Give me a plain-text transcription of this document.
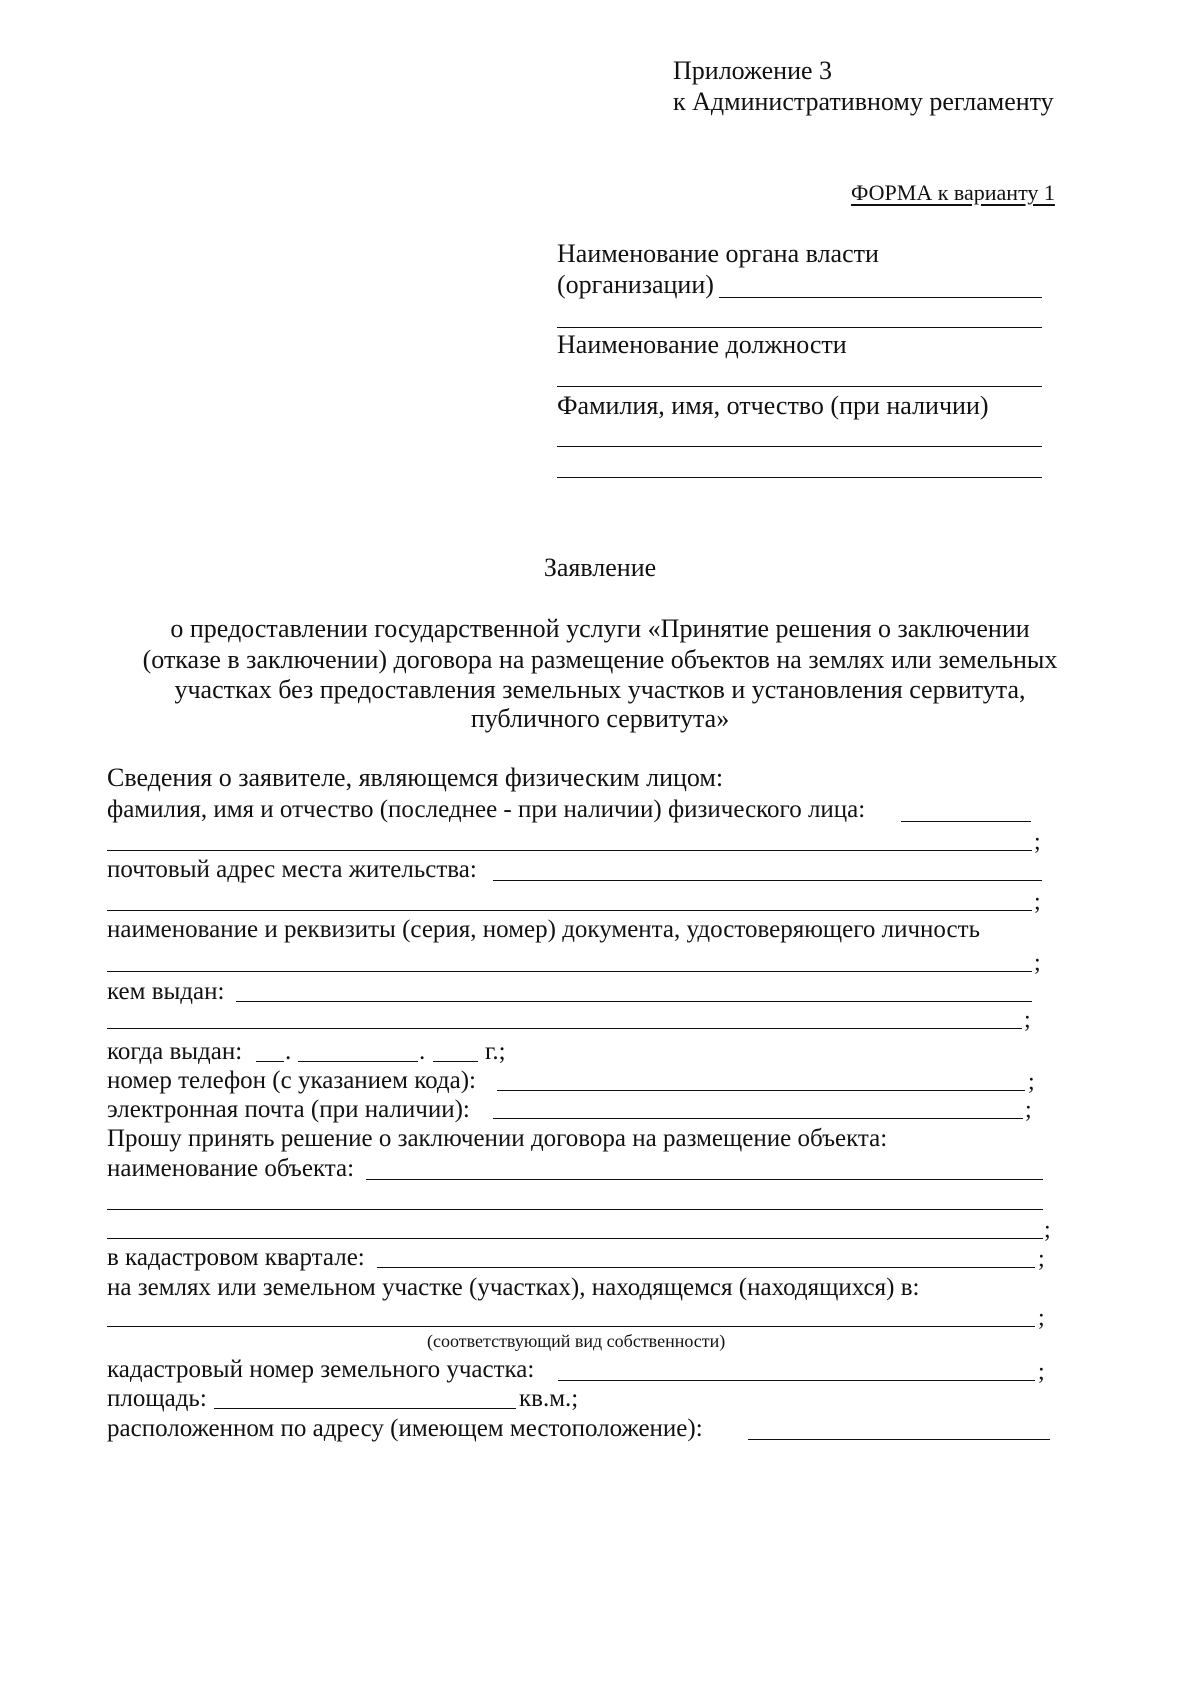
Приложение 3
к Административному регламенту
ФОРМА к варианту 1
Наименование органа власти
(организации)
Наименование должности
Фамилия, имя, отчество (при наличии)
Заявление
о предоставлении государственной услуги «Принятие решения о заключении
(отказе в заключении) договора на размещение объектов на землях или земельных
участках без предоставления земельных участков и установления сервитута,
публичного сервитута»
Сведения о заявителе, являющемся физическим лицом:
фамилия, имя и отчество (последнее - при наличии) физического лица:
;
почтовый адрес места жительства:
;
наименование и реквизиты (серия, номер) документа, удостоверяющего личность
;
кем выдан:
;
когда выдан: .	. г.;
номер телефон (с указанием кода):	;
электронная почта (при наличии):	;
Прошу принять решение о заключении договора на размещение объекта:
наименование объекта:
;
в кадастровом квартале:	;
на землях или земельном участке (участках), находящемся (находящихся) в:
;
(соответствующий вид собственности)
кадастровый номер земельного участка:	;
площадь:	кв.м.;
расположенном по адресу (имеющем местоположение):
